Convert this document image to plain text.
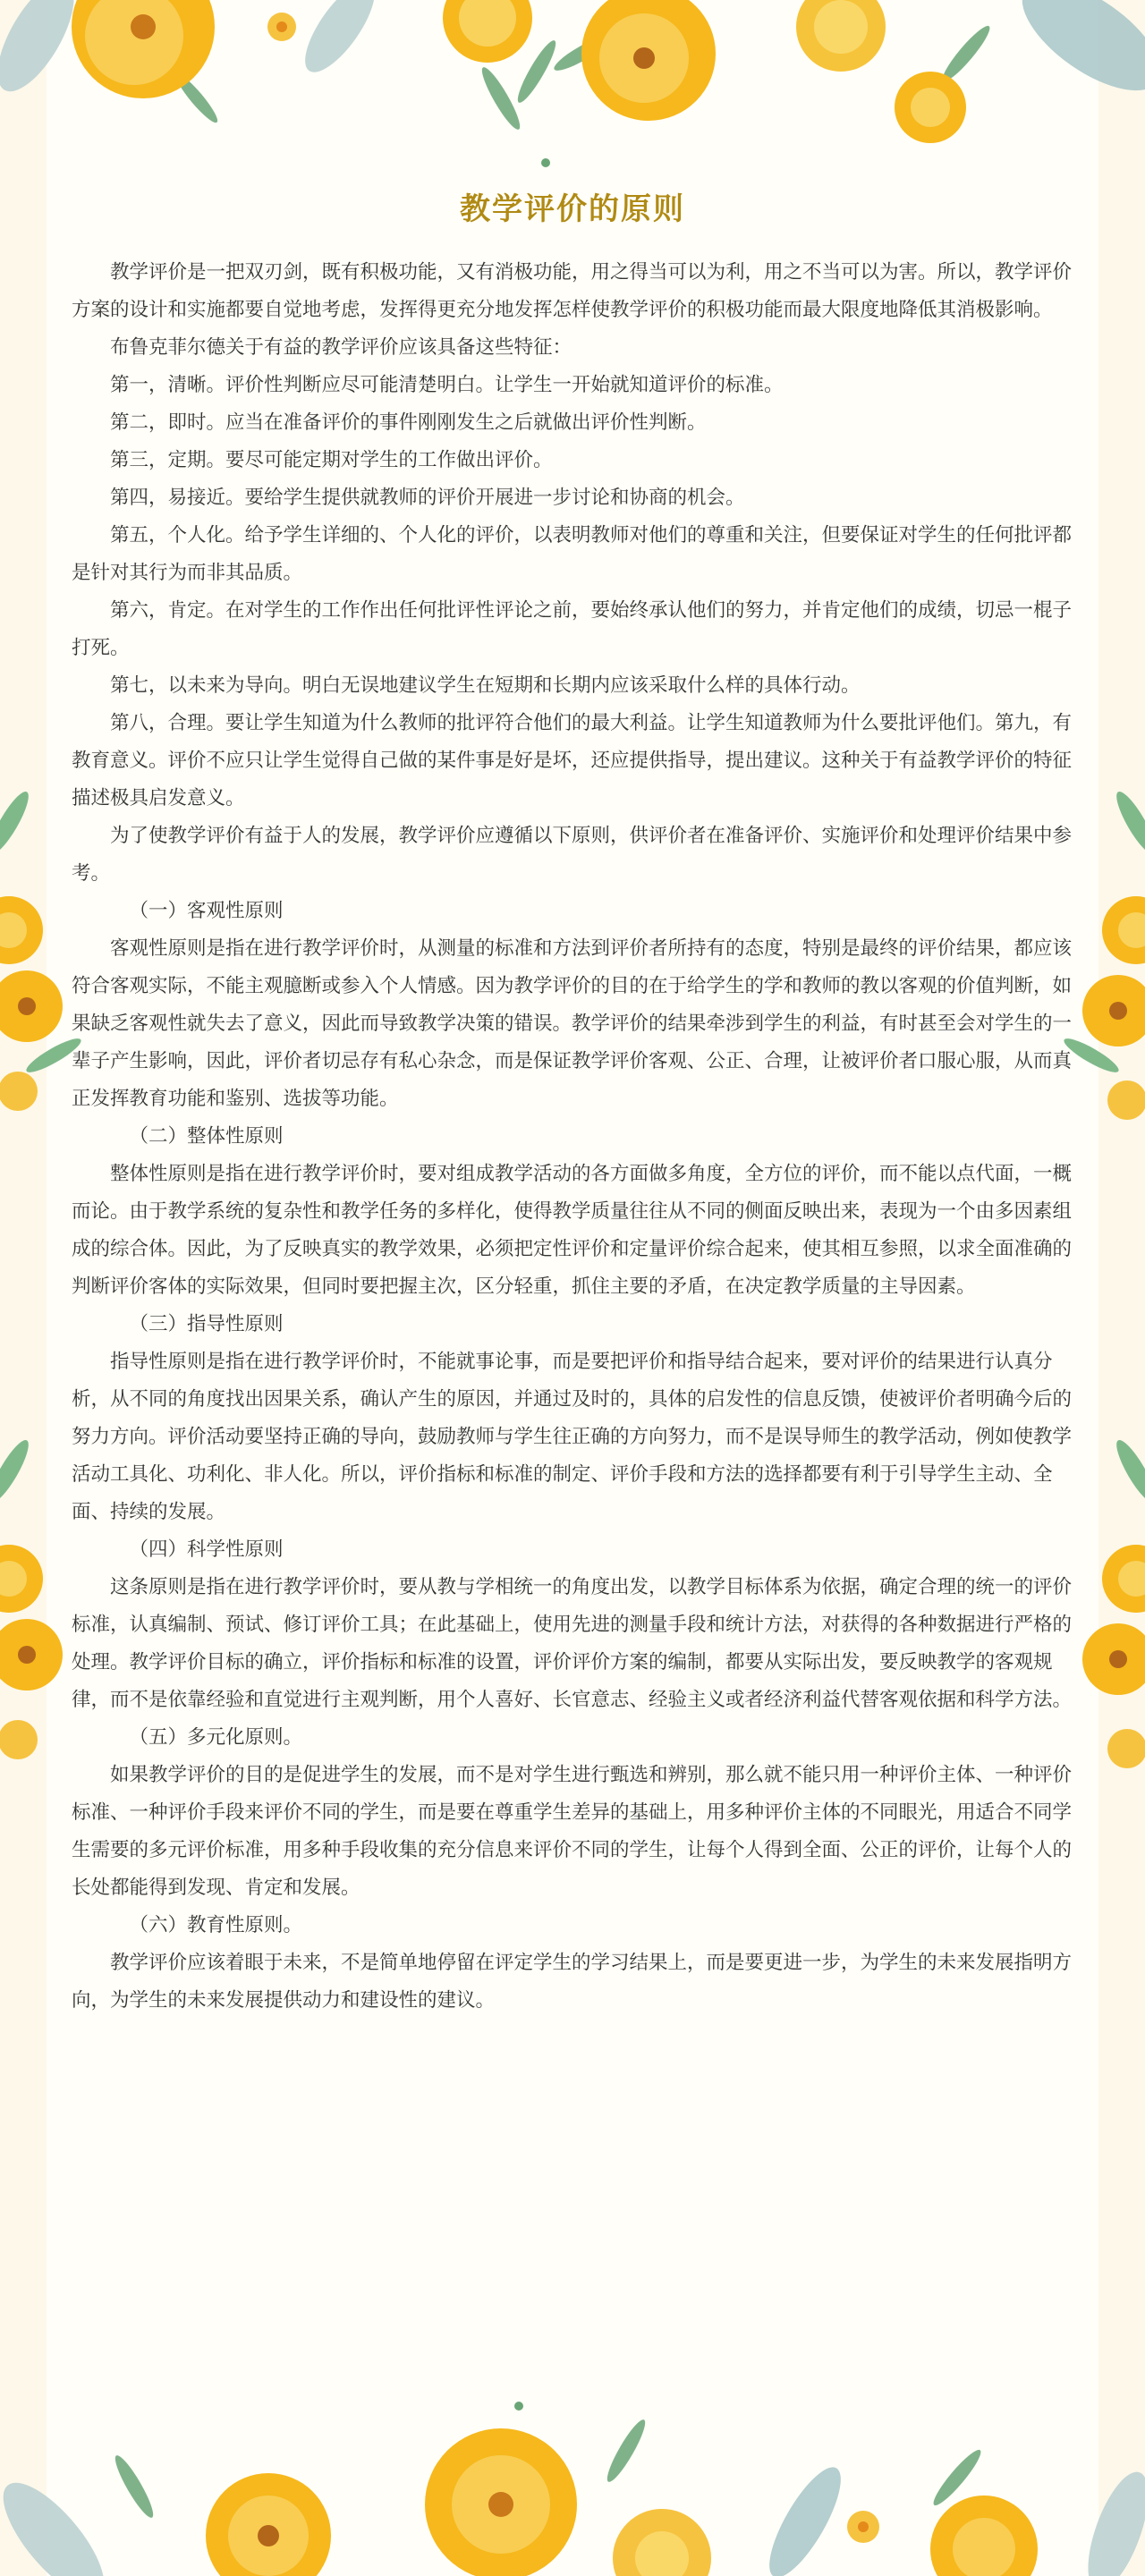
教学评价的原则

教学评价是一把双刃剑，既有积极功能，又有消极功能，用之得当可以为利，用之不当可以为害。所以，教学评价方案的设计和实施都要自觉地考虑，发挥得更充分地发挥怎样使教学评价的积极功能而最大限度地降低其消极影响。

布鲁克菲尔德关于有益的教学评价应该具备这些特征：

第一，清晰。评价性判断应尽可能清楚明白。让学生一开始就知道评价的标准。

第二，即时。应当在准备评价的事件刚刚发生之后就做出评价性判断。

第三，定期。要尽可能定期对学生的工作做出评价。

第四，易接近。要给学生提供就教师的评价开展进一步讨论和协商的机会。

第五，个人化。给予学生详细的、个人化的评价，以表明教师对他们的尊重和关注，但要保证对学生的任何批评都是针对其行为而非其品质。

第六，肯定。在对学生的工作作出任何批评性评论之前，要始终承认他们的努力，并肯定他们的成绩，切忌一棍子打死。

第七，以未来为导向。明白无误地建议学生在短期和长期内应该采取什么样的具体行动。

第八，合理。要让学生知道为什么教师的批评符合他们的最大利益。让学生知道教师为什么要批评他们。第九，有教育意义。评价不应只让学生觉得自己做的某件事是好是坏，还应提供指导，提出建议。这种关于有益教学评价的特征描述极具启发意义。

为了使教学评价有益于人的发展，教学评价应遵循以下原则，供评价者在准备评价、实施评价和处理评价结果中参考。

（一）客观性原则

客观性原则是指在进行教学评价时，从测量的标准和方法到评价者所持有的态度，特别是最终的评价结果，都应该符合客观实际，不能主观臆断或参入个人情感。因为教学评价的目的在于给学生的学和教师的教以客观的价值判断，如果缺乏客观性就失去了意义，因此而导致教学决策的错误。教学评价的结果牵涉到学生的利益，有时甚至会对学生的一辈子产生影响，因此，评价者切忌存有私心杂念，而是保证教学评价客观、公正、合理，让被评价者口服心服，从而真正发挥教育功能和鉴别、选拔等功能。

（二）整体性原则

整体性原则是指在进行教学评价时，要对组成教学活动的各方面做多角度，全方位的评价，而不能以点代面，一概而论。由于教学系统的复杂性和教学任务的多样化，使得教学质量往往从不同的侧面反映出来，表现为一个由多因素组成的综合体。因此，为了反映真实的教学效果，必须把定性评价和定量评价综合起来，使其相互参照，以求全面准确的判断评价客体的实际效果，但同时要把握主次，区分轻重，抓住主要的矛盾，在决定教学质量的主导因素。

（三）指导性原则

指导性原则是指在进行教学评价时，不能就事论事，而是要把评价和指导结合起来，要对评价的结果进行认真分析，从不同的角度找出因果关系，确认产生的原因，并通过及时的，具体的启发性的信息反馈，使被评价者明确今后的努力方向。评价活动要坚持正确的导向，鼓励教师与学生往正确的方向努力，而不是误导师生的教学活动，例如使教学活动工具化、功利化、非人化。所以，评价指标和标准的制定、评价手段和方法的选择都要有利于引导学生主动、全面、持续的发展。

（四）科学性原则

这条原则是指在进行教学评价时，要从教与学相统一的角度出发，以教学目标体系为依据，确定合理的统一的评价标准，认真编制、预试、修订评价工具；在此基础上，使用先进的测量手段和统计方法，对获得的各种数据进行严格的处理。教学评价目标的确立，评价指标和标准的设置，评价评价方案的编制，都要从实际出发，要反映教学的客观规律，而不是依靠经验和直觉进行主观判断，用个人喜好、长官意志、经验主义或者经济利益代替客观依据和科学方法。

（五）多元化原则。

如果教学评价的目的是促进学生的发展，而不是对学生进行甄选和辨别，那么就不能只用一种评价主体、一种评价标准、一种评价手段来评价不同的学生，而是要在尊重学生差异的基础上，用多种评价主体的不同眼光，用适合不同学生需要的多元评价标准，用多种手段收集的充分信息来评价不同的学生，让每个人得到全面、公正的评价，让每个人的长处都能得到发现、肯定和发展。

（六）教育性原则。

教学评价应该着眼于未来，不是简单地停留在评定学生的学习结果上，而是要更进一步，为学生的未来发展指明方向，为学生的未来发展提供动力和建设性的建议。
